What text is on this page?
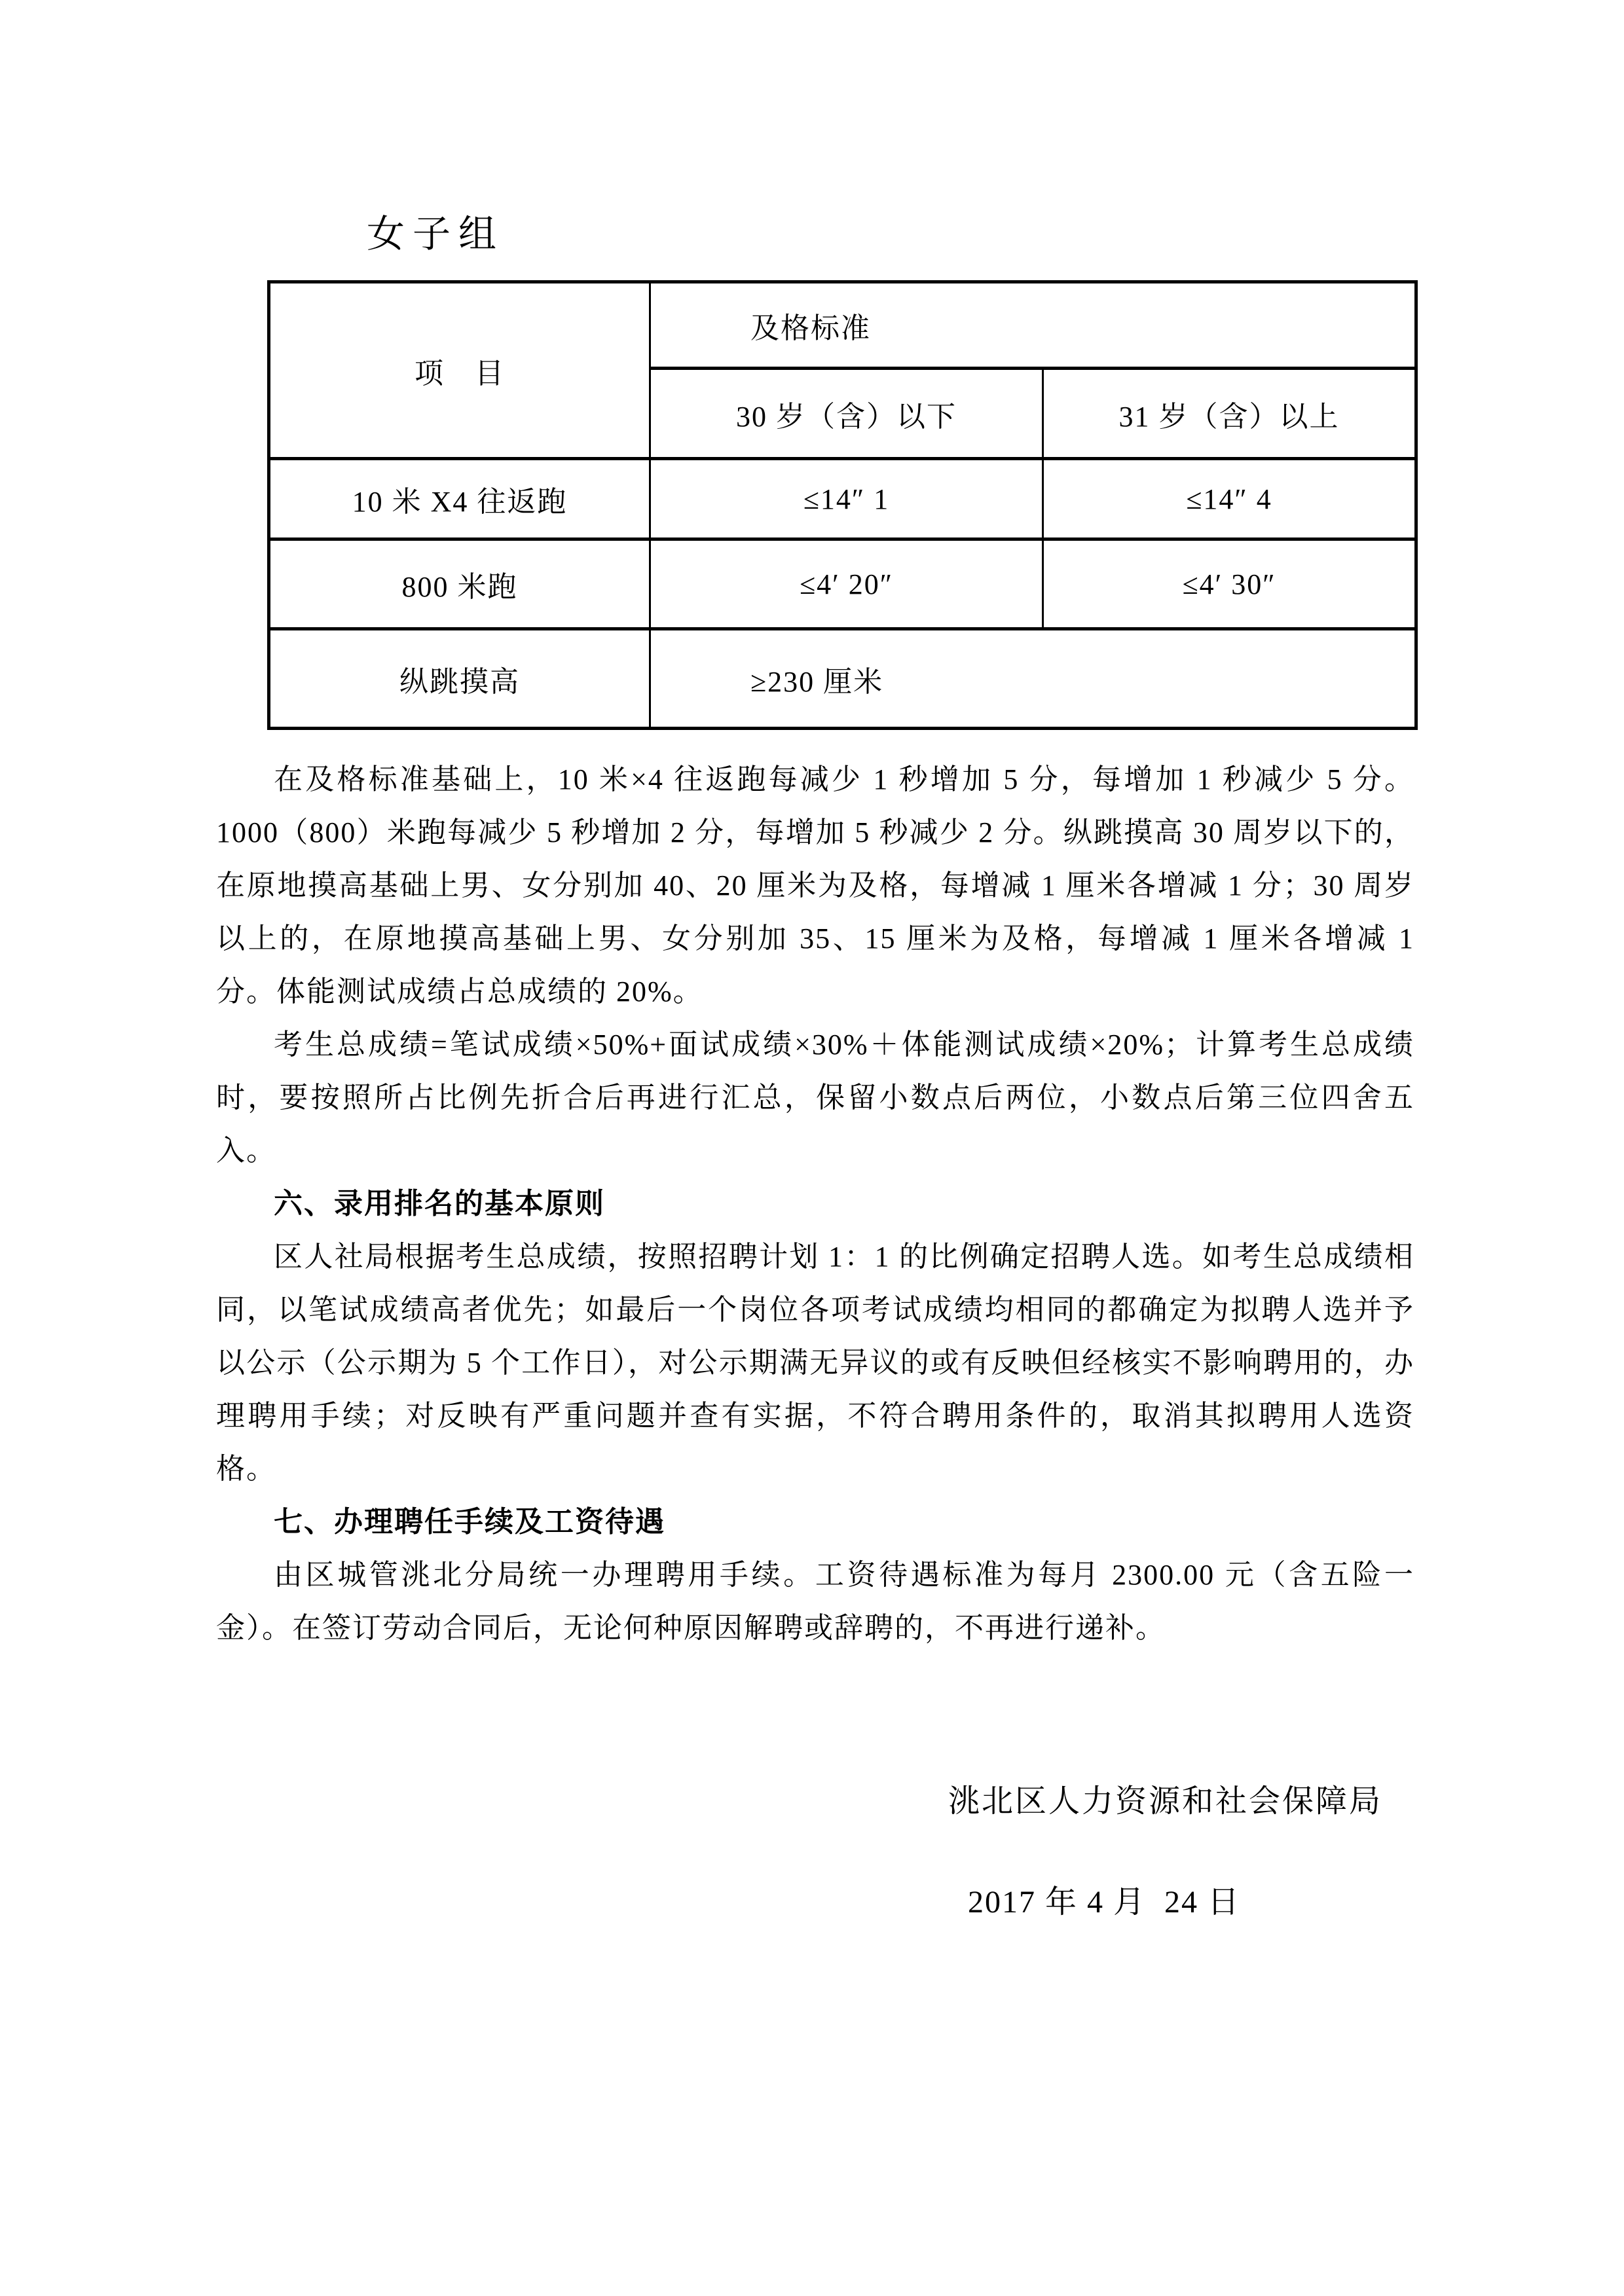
女子组
项　目	及格标准	
	30 岁（含）以下	31 岁（含）以上
10 米 X4 往返跑	≤14″ 1	≤14″ 4
800 米跑	≤4′ 20″	≤4′ 30″
纵跳摸高	≥230 厘米	

在及格标准基础上，10 米×4 往返跑每减少 1 秒增加 5 分，每增加 1 秒减少 5 分。1000（800）米跑每减少 5 秒增加 2 分，每增加 5 秒减少 2 分。纵跳摸高 30 周岁以下的，在原地摸高基础上男、女分别加 40、20 厘米为及格，每增减 1 厘米各增减 1 分；30 周岁以上的，在原地摸高基础上男、女分别加 35、15 厘米为及格，每增减 1 厘米各增减 1 分。体能测试成绩占总成绩的 20%。

考生总成绩=笔试成绩×50%+面试成绩×30%＋体能测试成绩×20%；计算考生总成绩时，要按照所占比例先折合后再进行汇总，保留小数点后两位，小数点后第三位四舍五入。

六、录用排名的基本原则

区人社局根据考生总成绩，按照招聘计划 1：1 的比例确定招聘人选。如考生总成绩相同，以笔试成绩高者优先；如最后一个岗位各项考试成绩均相同的都确定为拟聘人选并予以公示（公示期为 5 个工作日），对公示期满无异议的或有反映但经核实不影响聘用的，办理聘用手续；对反映有严重问题并查有实据，不符合聘用条件的，取消其拟聘用人选资格。

七、办理聘任手续及工资待遇

由区城管洮北分局统一办理聘用手续。工资待遇标准为每月 2300.00 元（含五险一金）。在签订劳动合同后，无论何种原因解聘或辞聘的，不再进行递补。

洮北区人力资源和社会保障局
2017 年 4 月  24 日
